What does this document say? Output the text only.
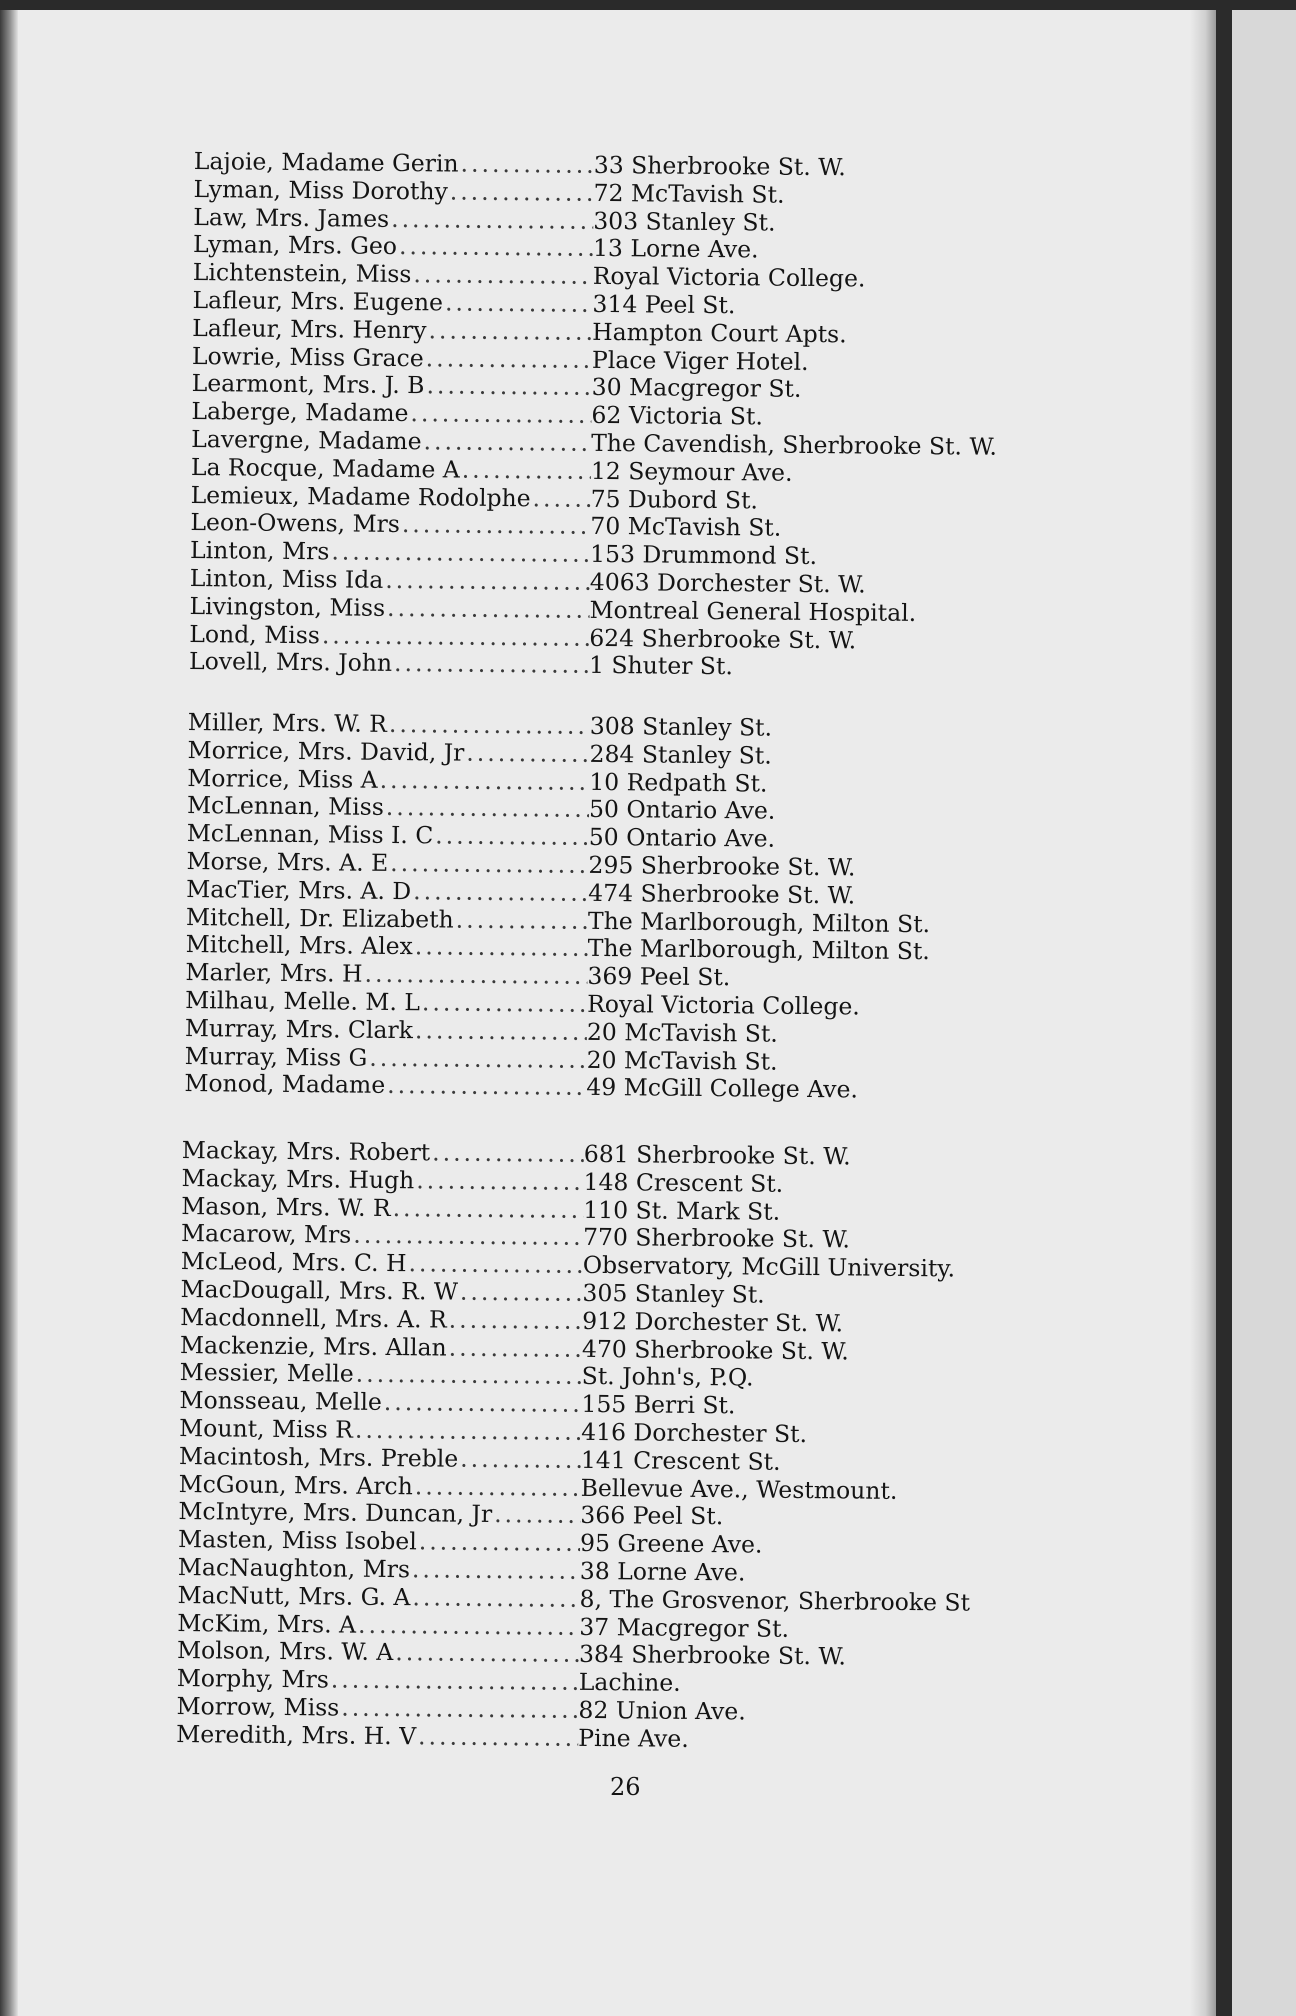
Lajoie, Madame Gerin .....	33 Sherbrooke St. W.
Lyman, Miss Dorothy .....	72 McTavish St.
Law, Mrs. James .....	303 Stanley St.
Lyman, Mrs. Geo .....	13 Lorne Ave.
Lichtenstein, Miss .....	Royal Victoria College.
Lafleur, Mrs. Eugene .....	314 Peel St.
Lafleur, Mrs. Henry .....	Hampton Court Apts.
Lowrie, Miss Grace .....	Place Viger Hotel.
Learmont, Mrs. J. B .....	30 Macgregor St.
Laberge, Madame .....	62 Victoria St.
Lavergne, Madame .....	The Cavendish, Sherbrooke St. W.
La Rocque, Madame A .....	12 Seymour Ave.
Lemieux, Madame Rodolphe .....	75 Dubord St.
Leon-Owens, Mrs .....	70 McTavish St.
Linton, Mrs .....	153 Drummond St.
Linton, Miss Ida .....	4063 Dorchester St. W.
Livingston, Miss .....	Montreal General Hospital.
Lond, Miss .....	624 Sherbrooke St. W.
Lovell, Mrs. John .....	1 Shuter St.
Miller, Mrs. W. R .....	308 Stanley St.
Morrice, Mrs. David, Jr .....	284 Stanley St.
Morrice, Miss A .....	10 Redpath St.
McLennan, Miss .....	50 Ontario Ave.
McLennan, Miss I. C .....	50 Ontario Ave.
Morse, Mrs. A. E .....	295 Sherbrooke St. W.
MacTier, Mrs. A. D .....	474 Sherbrooke St. W.
Mitchell, Dr. Elizabeth .....	The Marlborough, Milton St.
Mitchell, Mrs. Alex .....	The Marlborough, Milton St.
Marler, Mrs. H .....	369 Peel St.
Milhau, Melle. M. L .....	Royal Victoria College.
Murray, Mrs. Clark .....	20 McTavish St.
Murray, Miss G .....	20 McTavish St.
Monod, Madame .....	49 McGill College Ave.
Mackay, Mrs. Robert .....	681 Sherbrooke St. W.
Mackay, Mrs. Hugh .....	148 Crescent St.
Mason, Mrs. W. R .....	110 St. Mark St.
Macarow, Mrs .....	770 Sherbrooke St. W.
McLeod, Mrs. C. H .....	Observatory, McGill University.
MacDougall, Mrs. R. W .....	305 Stanley St.
Macdonnell, Mrs. A. R .....	912 Dorchester St. W.
Mackenzie, Mrs. Allan .....	470 Sherbrooke St. W.
Messier, Melle .....	St. John's, P.Q.
Monsseau, Melle .....	155 Berri St.
Mount, Miss R .....	416 Dorchester St.
Macintosh, Mrs. Preble .....	141 Crescent St.
McGoun, Mrs. Arch .....	Bellevue Ave., Westmount.
McIntyre, Mrs. Duncan, Jr .....	366 Peel St.
Masten, Miss Isobel .....	95 Greene Ave.
MacNaughton, Mrs .....	38 Lorne Ave.
MacNutt, Mrs. G. A .....	8, The Grosvenor, Sherbrooke St
McKim, Mrs. A .....	37 Macgregor St.
Molson, Mrs. W. A .....	384 Sherbrooke St. W.
Morphy, Mrs .....	Lachine.
Morrow, Miss .....	82 Union Ave.
Meredith, Mrs. H. V .....	Pine Ave.
26
